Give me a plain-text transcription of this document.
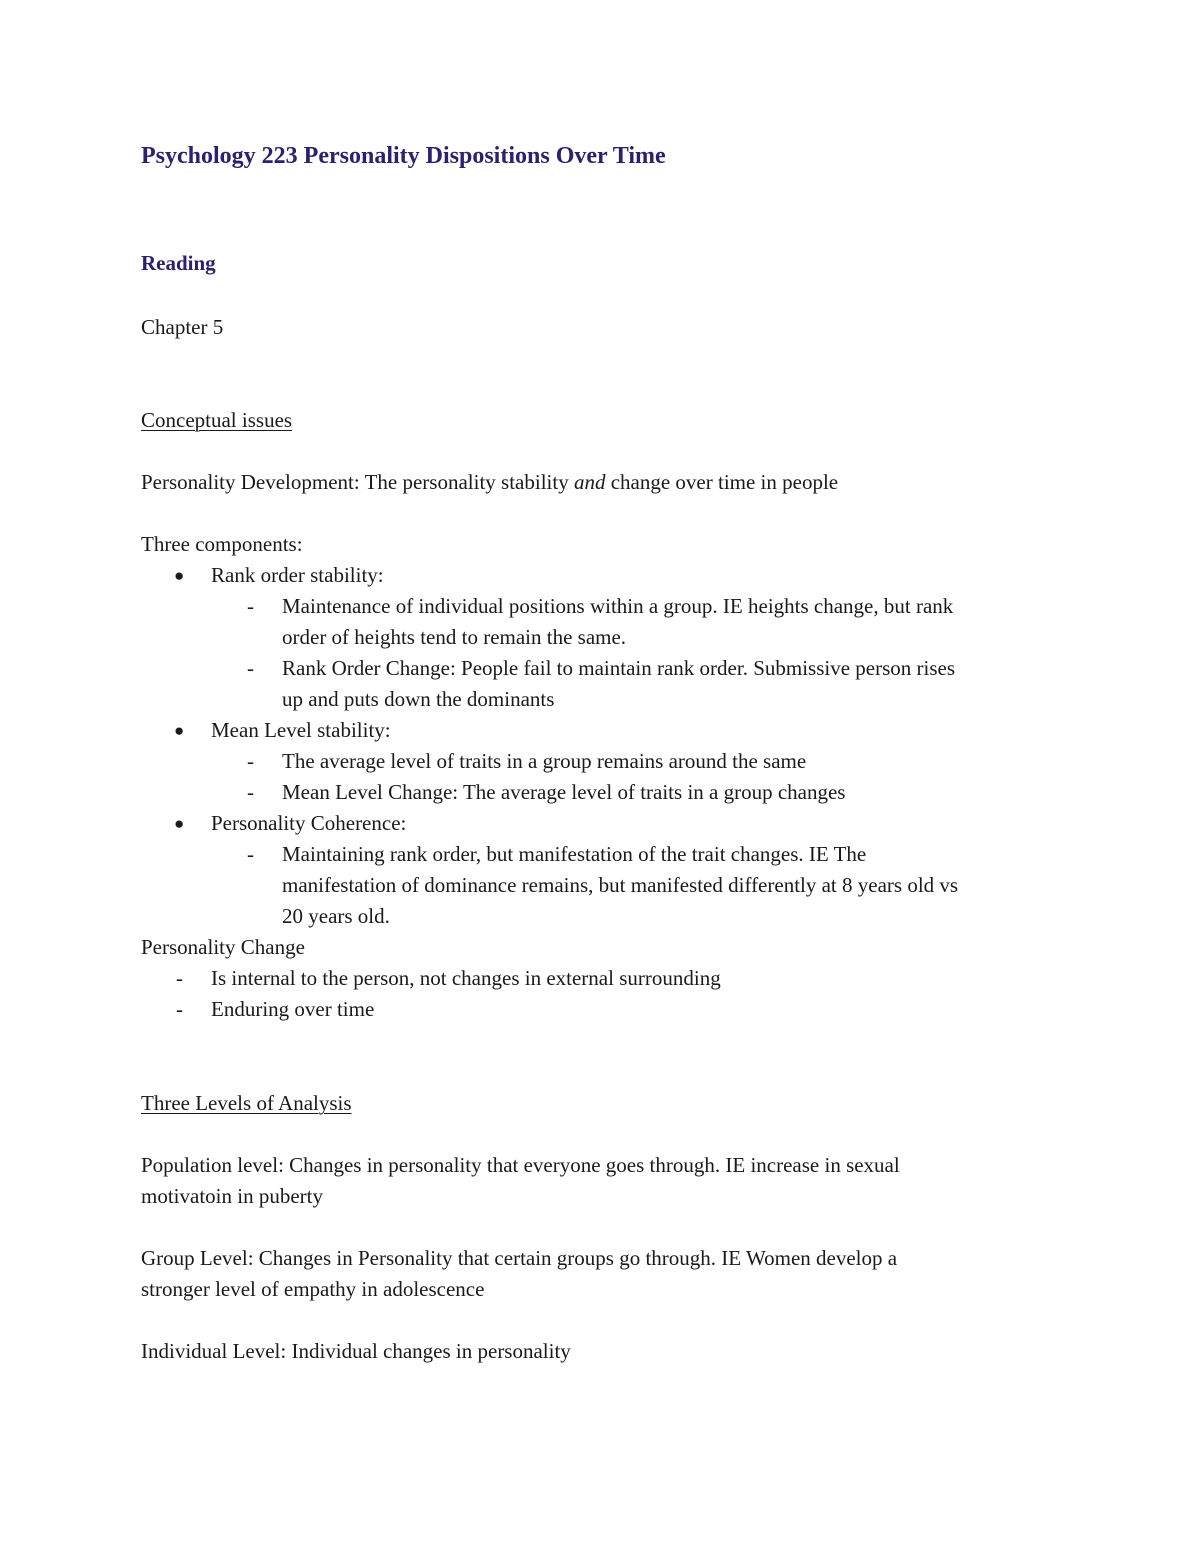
Psychology 223 Personality Dispositions Over Time
Reading
Chapter 5
Conceptual issues
Personality Development: The personality stability and change over time in people
Three components:
● Rank order stability:
- Maintenance of individual positions within a group. IE heights change, but rank
order of heights tend to remain the same.
- Rank Order Change: People fail to maintain rank order. Submissive person rises
up and puts down the dominants
● Mean Level stability:
- The average level of traits in a group remains around the same
- Mean Level Change: The average level of traits in a group changes
● Personality Coherence:
- Maintaining rank order, but manifestation of the trait changes. IE The
manifestation of dominance remains, but manifested differently at 8 years old vs
20 years old.
Personality Change
- Is internal to the person, not changes in external surrounding
- Enduring over time
Three Levels of Analysis
Population level: Changes in personality that everyone goes through. IE increase in sexual
motivatoin in puberty
Group Level: Changes in Personality that certain groups go through. IE Women develop a
stronger level of empathy in adolescence
Individual Level: Individual changes in personality
